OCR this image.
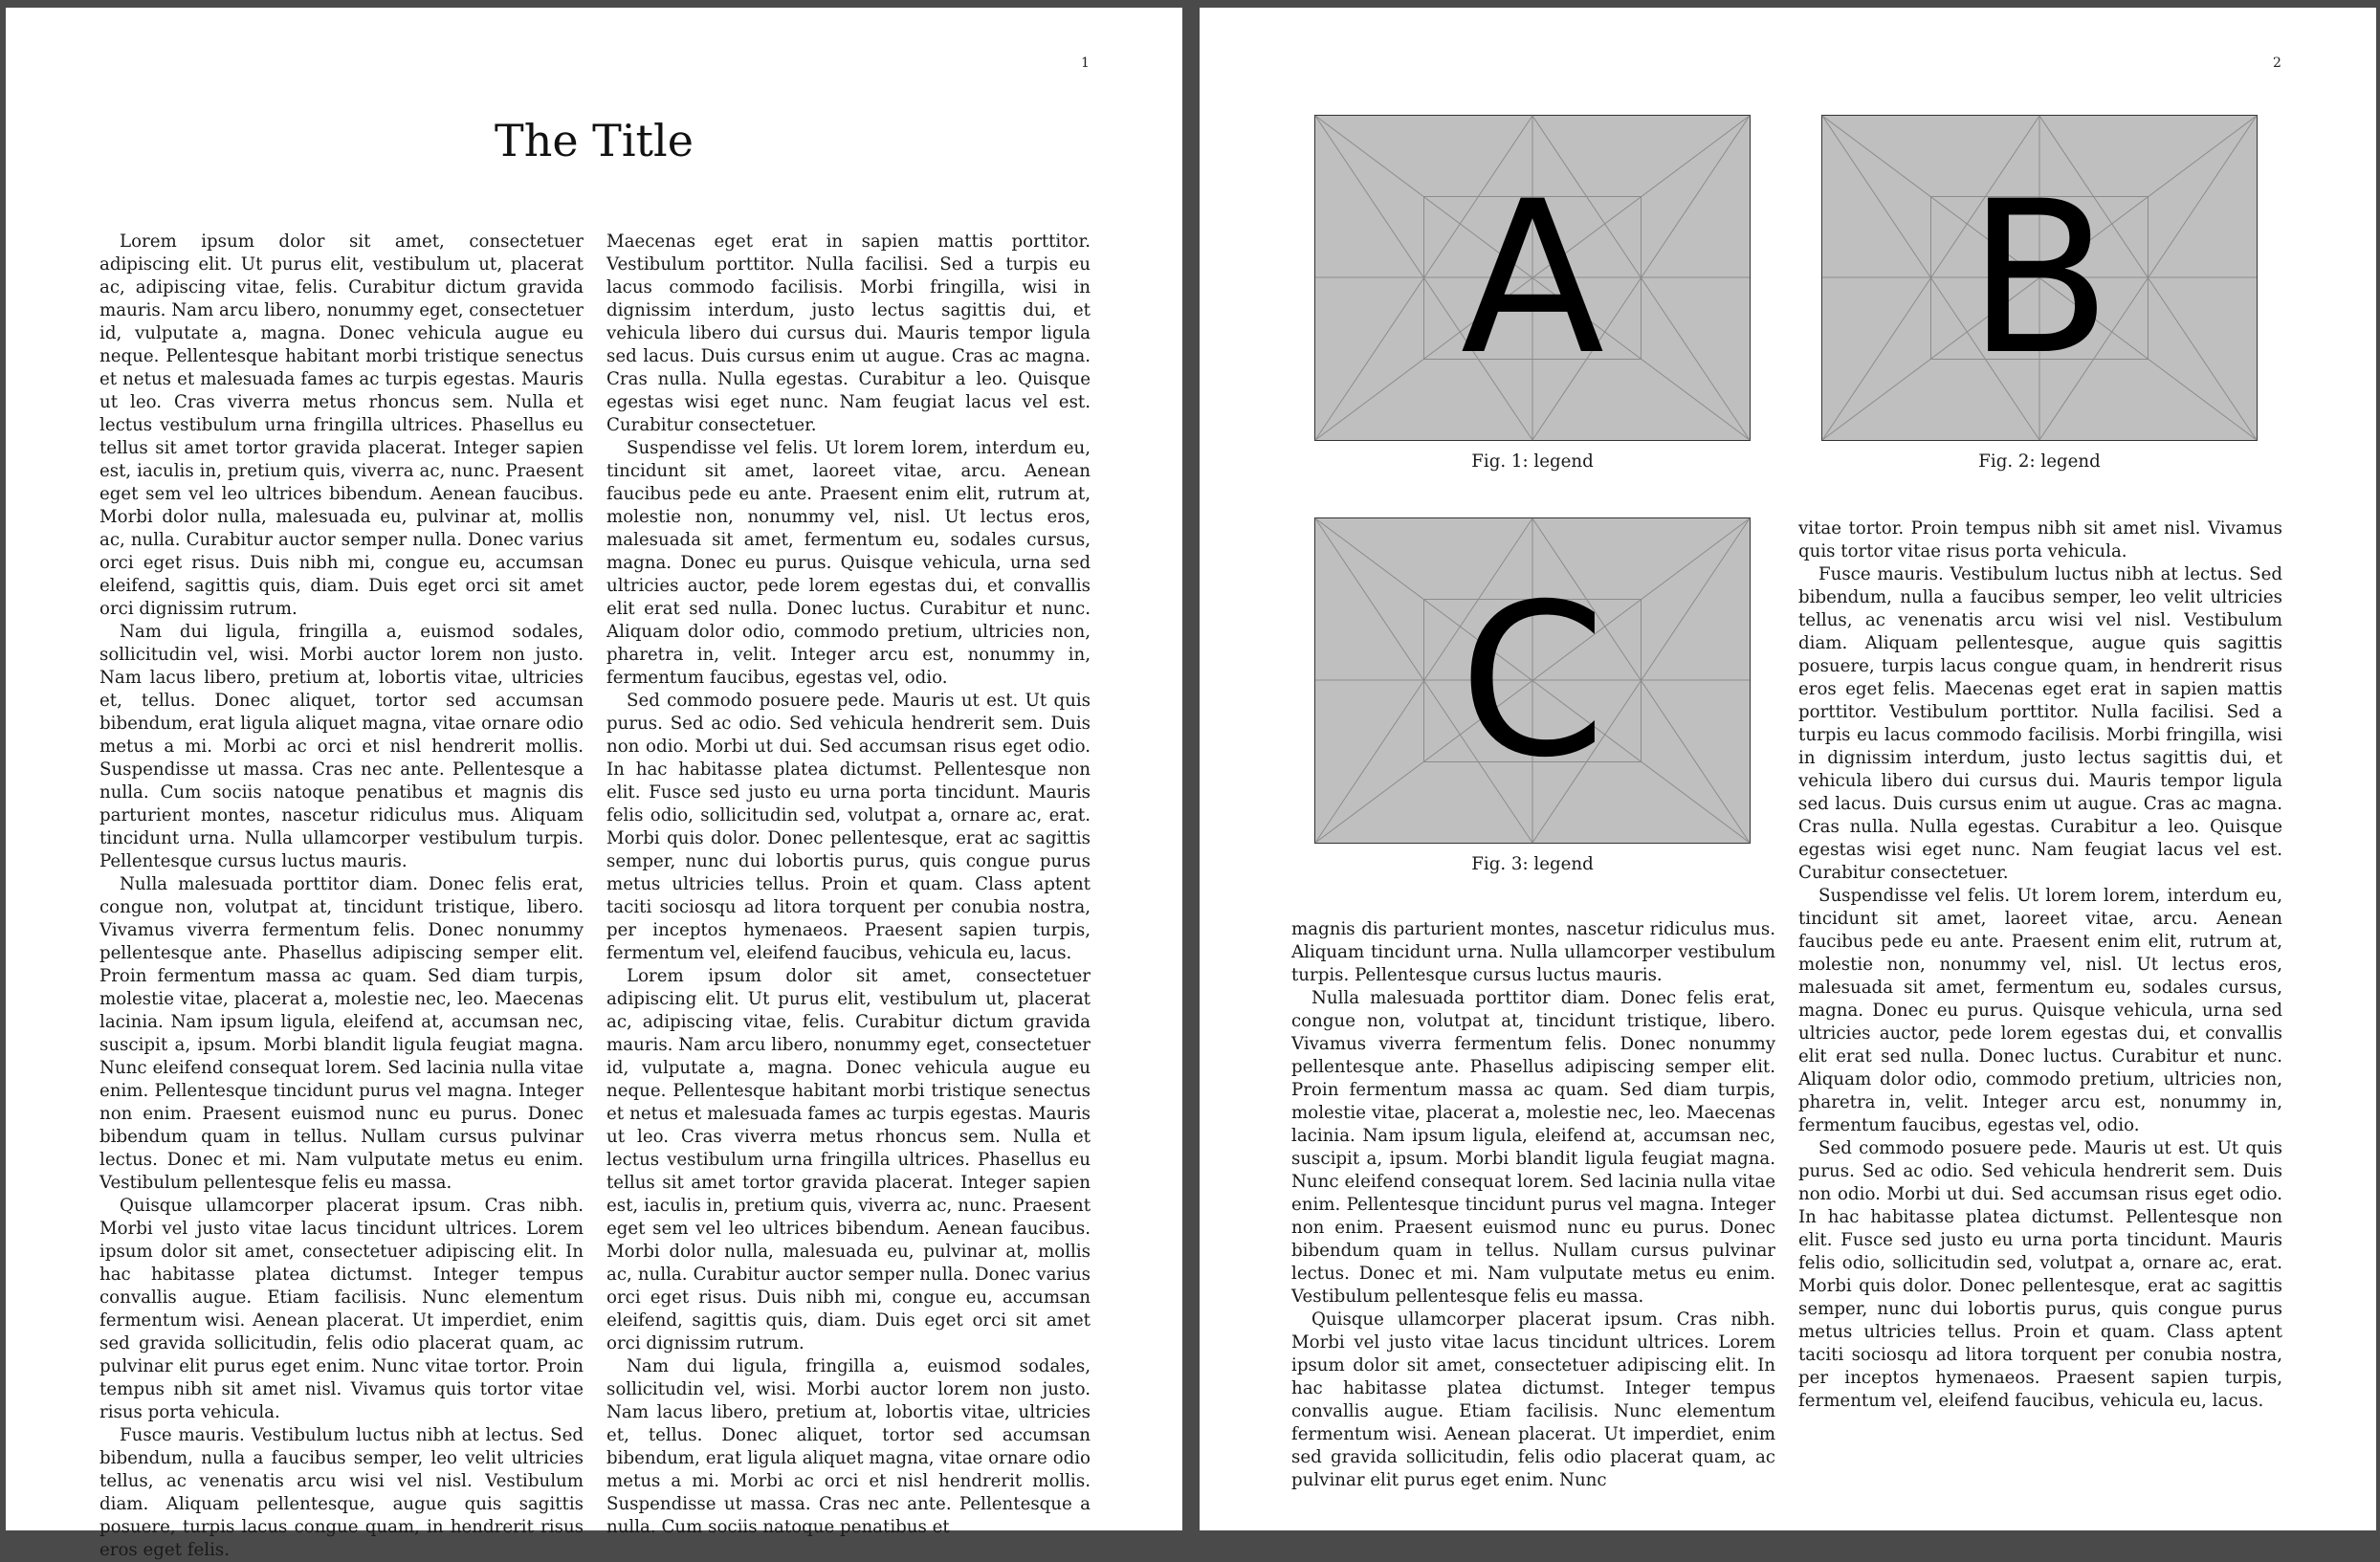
1
The Title

Lorem ipsum dolor sit amet, consectetuer adipiscing elit. Ut purus elit, vestibulum ut, placerat ac, adipiscing vitae, felis. Curabitur dictum gravida mauris. Nam arcu libero, nonummy eget, consectetuer id, vulputate a, magna. Donec vehicula augue eu neque. Pellentesque habitant morbi tristique senectus et netus et malesuada fames ac turpis egestas. Mauris ut leo. Cras viverra metus rhoncus sem. Nulla et lectus vestibulum urna fringilla ultrices. Phasellus eu tellus sit amet tortor gravida placerat. Integer sapien est, iaculis in, pretium quis, viverra ac, nunc. Praesent eget sem vel leo ultrices bibendum. Aenean faucibus. Morbi dolor nulla, malesuada eu, pulvinar at, mollis ac, nulla. Curabitur auctor semper nulla. Donec varius orci eget risus. Duis nibh mi, congue eu, accumsan eleifend, sagittis quis, diam. Duis eget orci sit amet orci dignissim rutrum.

Nam dui ligula, fringilla a, euismod sodales, sollicitudin vel, wisi. Morbi auctor lorem non justo. Nam lacus libero, pretium at, lobortis vitae, ultricies et, tellus. Donec aliquet, tortor sed accumsan bibendum, erat ligula aliquet magna, vitae ornare odio metus a mi. Morbi ac orci et nisl hendrerit mollis. Suspendisse ut massa. Cras nec ante. Pellentesque a nulla. Cum sociis natoque penatibus et magnis dis parturient montes, nascetur ridiculus mus. Aliquam tincidunt urna. Nulla ullamcorper vestibulum turpis. Pellentesque cursus luctus mauris.

Nulla malesuada porttitor diam. Donec felis erat, congue non, volutpat at, tincidunt tristique, libero. Vivamus viverra fermentum felis. Donec nonummy pellentesque ante. Phasellus adipiscing semper elit. Proin fermentum massa ac quam. Sed diam turpis, molestie vitae, placerat a, molestie nec, leo. Maecenas lacinia. Nam ipsum ligula, eleifend at, accumsan nec, suscipit a, ipsum. Morbi blandit ligula feugiat magna. Nunc eleifend consequat lorem. Sed lacinia nulla vitae enim. Pellentesque tincidunt purus vel magna. Integer non enim. Praesent euismod nunc eu purus. Donec bibendum quam in tellus. Nullam cursus pulvinar lectus. Donec et mi. Nam vulputate metus eu enim. Vestibulum pellentesque felis eu massa.

Quisque ullamcorper placerat ipsum. Cras nibh. Morbi vel justo vitae lacus tincidunt ultrices. Lorem ipsum dolor sit amet, consectetuer adipiscing elit. In hac habitasse platea dictumst. Integer tempus convallis augue. Etiam facilisis. Nunc elementum fermentum wisi. Aenean placerat. Ut imperdiet, enim sed gravida sollicitudin, felis odio placerat quam, ac pulvinar elit purus eget enim. Nunc vitae tortor. Proin tempus nibh sit amet nisl. Vivamus quis tortor vitae risus porta vehicula.

Fusce mauris. Vestibulum luctus nibh at lectus. Sed bibendum, nulla a faucibus semper, leo velit ultricies tellus, ac venenatis arcu wisi vel nisl. Vestibulum diam. Aliquam pellentesque, augue quis sagittis posuere, turpis lacus congue quam, in hendrerit risus eros eget felis.

Maecenas eget erat in sapien mattis porttitor. Vestibulum porttitor. Nulla facilisi. Sed a turpis eu lacus commodo facilisis. Morbi fringilla, wisi in dignissim interdum, justo lectus sagittis dui, et vehicula libero dui cursus dui. Mauris tempor ligula sed lacus. Duis cursus enim ut augue. Cras ac magna. Cras nulla. Nulla egestas. Curabitur a leo. Quisque egestas wisi eget nunc. Nam feugiat lacus vel est. Curabitur consectetuer.

Suspendisse vel felis. Ut lorem lorem, interdum eu, tincidunt sit amet, laoreet vitae, arcu. Aenean faucibus pede eu ante. Praesent enim elit, rutrum at, molestie non, nonummy vel, nisl. Ut lectus eros, malesuada sit amet, fermentum eu, sodales cursus, magna. Donec eu purus. Quisque vehicula, urna sed ultricies auctor, pede lorem egestas dui, et convallis elit erat sed nulla. Donec luctus. Curabitur et nunc. Aliquam dolor odio, commodo pretium, ultricies non, pharetra in, velit. Integer arcu est, nonummy in, fermentum faucibus, egestas vel, odio.

Sed commodo posuere pede. Mauris ut est. Ut quis purus. Sed ac odio. Sed vehicula hendrerit sem. Duis non odio. Morbi ut dui. Sed accumsan risus eget odio. In hac habitasse platea dictumst. Pellentesque non elit. Fusce sed justo eu urna porta tincidunt. Mauris felis odio, sollicitudin sed, volutpat a, ornare ac, erat. Morbi quis dolor. Donec pellentesque, erat ac sagittis semper, nunc dui lobortis purus, quis congue purus metus ultricies tellus. Proin et quam. Class aptent taciti sociosqu ad litora torquent per conubia nostra, per inceptos hymenaeos. Praesent sapien turpis, fermentum vel, eleifend faucibus, vehicula eu, lacus.

Lorem ipsum dolor sit amet, consectetuer adipiscing elit. Ut purus elit, vestibulum ut, placerat ac, adipiscing vitae, felis. Curabitur dictum gravida mauris. Nam arcu libero, nonummy eget, consectetuer id, vulputate a, magna. Donec vehicula augue eu neque. Pellentesque habitant morbi tristique senectus et netus et malesuada fames ac turpis egestas. Mauris ut leo. Cras viverra metus rhoncus sem. Nulla et lectus vestibulum urna fringilla ultrices. Phasellus eu tellus sit amet tortor gravida placerat. Integer sapien est, iaculis in, pretium quis, viverra ac, nunc. Praesent eget sem vel leo ultrices bibendum. Aenean faucibus. Morbi dolor nulla, malesuada eu, pulvinar at, mollis ac, nulla. Curabitur auctor semper nulla. Donec varius orci eget risus. Duis nibh mi, congue eu, accumsan eleifend, sagittis quis, diam. Duis eget orci sit amet orci dignissim rutrum.

Nam dui ligula, fringilla a, euismod sodales, sollicitudin vel, wisi. Morbi auctor lorem non justo. Nam lacus libero, pretium at, lobortis vitae, ultricies et, tellus. Donec aliquet, tortor sed accumsan bibendum, erat ligula aliquet magna, vitae ornare odio metus a mi. Morbi ac orci et nisl hendrerit mollis. Suspendisse ut massa. Cras nec ante. Pellentesque a nulla. Cum sociis natoque penatibus et

2
A
Fig. 1: legend
B
Fig. 2: legend
C
Fig. 3: legend

magnis dis parturient montes, nascetur ridiculus mus. Aliquam tincidunt urna. Nulla ullamcorper vestibulum turpis. Pellentesque cursus luctus mauris.

Nulla malesuada porttitor diam. Donec felis erat, congue non, volutpat at, tincidunt tristique, libero. Vivamus viverra fermentum felis. Donec nonummy pellentesque ante. Phasellus adipiscing semper elit. Proin fermentum massa ac quam. Sed diam turpis, molestie vitae, placerat a, molestie nec, leo. Maecenas lacinia. Nam ipsum ligula, eleifend at, accumsan nec, suscipit a, ipsum. Morbi blandit ligula feugiat magna. Nunc eleifend consequat lorem. Sed lacinia nulla vitae enim. Pellentesque tincidunt purus vel magna. Integer non enim. Praesent euismod nunc eu purus. Donec bibendum quam in tellus. Nullam cursus pulvinar lectus. Donec et mi. Nam vulputate metus eu enim. Vestibulum pellentesque felis eu massa.

Quisque ullamcorper placerat ipsum. Cras nibh. Morbi vel justo vitae lacus tincidunt ultrices. Lorem ipsum dolor sit amet, consectetuer adipiscing elit. In hac habitasse platea dictumst. Integer tempus convallis augue. Etiam facilisis. Nunc elementum fermentum wisi. Aenean placerat. Ut imperdiet, enim sed gravida sollicitudin, felis odio placerat quam, ac pulvinar elit purus eget enim. Nunc

vitae tortor. Proin tempus nibh sit amet nisl. Vivamus quis tortor vitae risus porta vehicula.

Fusce mauris. Vestibulum luctus nibh at lectus. Sed bibendum, nulla a faucibus semper, leo velit ultricies tellus, ac venenatis arcu wisi vel nisl. Vestibulum diam. Aliquam pellentesque, augue quis sagittis posuere, turpis lacus congue quam, in hendrerit risus eros eget felis. Maecenas eget erat in sapien mattis porttitor. Vestibulum porttitor. Nulla facilisi. Sed a turpis eu lacus commodo facilisis. Morbi fringilla, wisi in dignissim interdum, justo lectus sagittis dui, et vehicula libero dui cursus dui. Mauris tempor ligula sed lacus. Duis cursus enim ut augue. Cras ac magna. Cras nulla. Nulla egestas. Curabitur a leo. Quisque egestas wisi eget nunc. Nam feugiat lacus vel est. Curabitur consectetuer.

Suspendisse vel felis. Ut lorem lorem, interdum eu, tincidunt sit amet, laoreet vitae, arcu. Aenean faucibus pede eu ante. Praesent enim elit, rutrum at, molestie non, nonummy vel, nisl. Ut lectus eros, malesuada sit amet, fermentum eu, sodales cursus, magna. Donec eu purus. Quisque vehicula, urna sed ultricies auctor, pede lorem egestas dui, et convallis elit erat sed nulla. Donec luctus. Curabitur et nunc. Aliquam dolor odio, commodo pretium, ultricies non, pharetra in, velit. Integer arcu est, nonummy in, fermentum faucibus, egestas vel, odio.

Sed commodo posuere pede. Mauris ut est. Ut quis purus. Sed ac odio. Sed vehicula hendrerit sem. Duis non odio. Morbi ut dui. Sed accumsan risus eget odio. In hac habitasse platea dictumst. Pellentesque non elit. Fusce sed justo eu urna porta tincidunt. Mauris felis odio, sollicitudin sed, volutpat a, ornare ac, erat. Morbi quis dolor. Donec pellentesque, erat ac sagittis semper, nunc dui lobortis purus, quis congue purus metus ultricies tellus. Proin et quam. Class aptent taciti sociosqu ad litora torquent per conubia nostra, per inceptos hymenaeos. Praesent sapien turpis, fermentum vel, eleifend faucibus, vehicula eu, lacus.
